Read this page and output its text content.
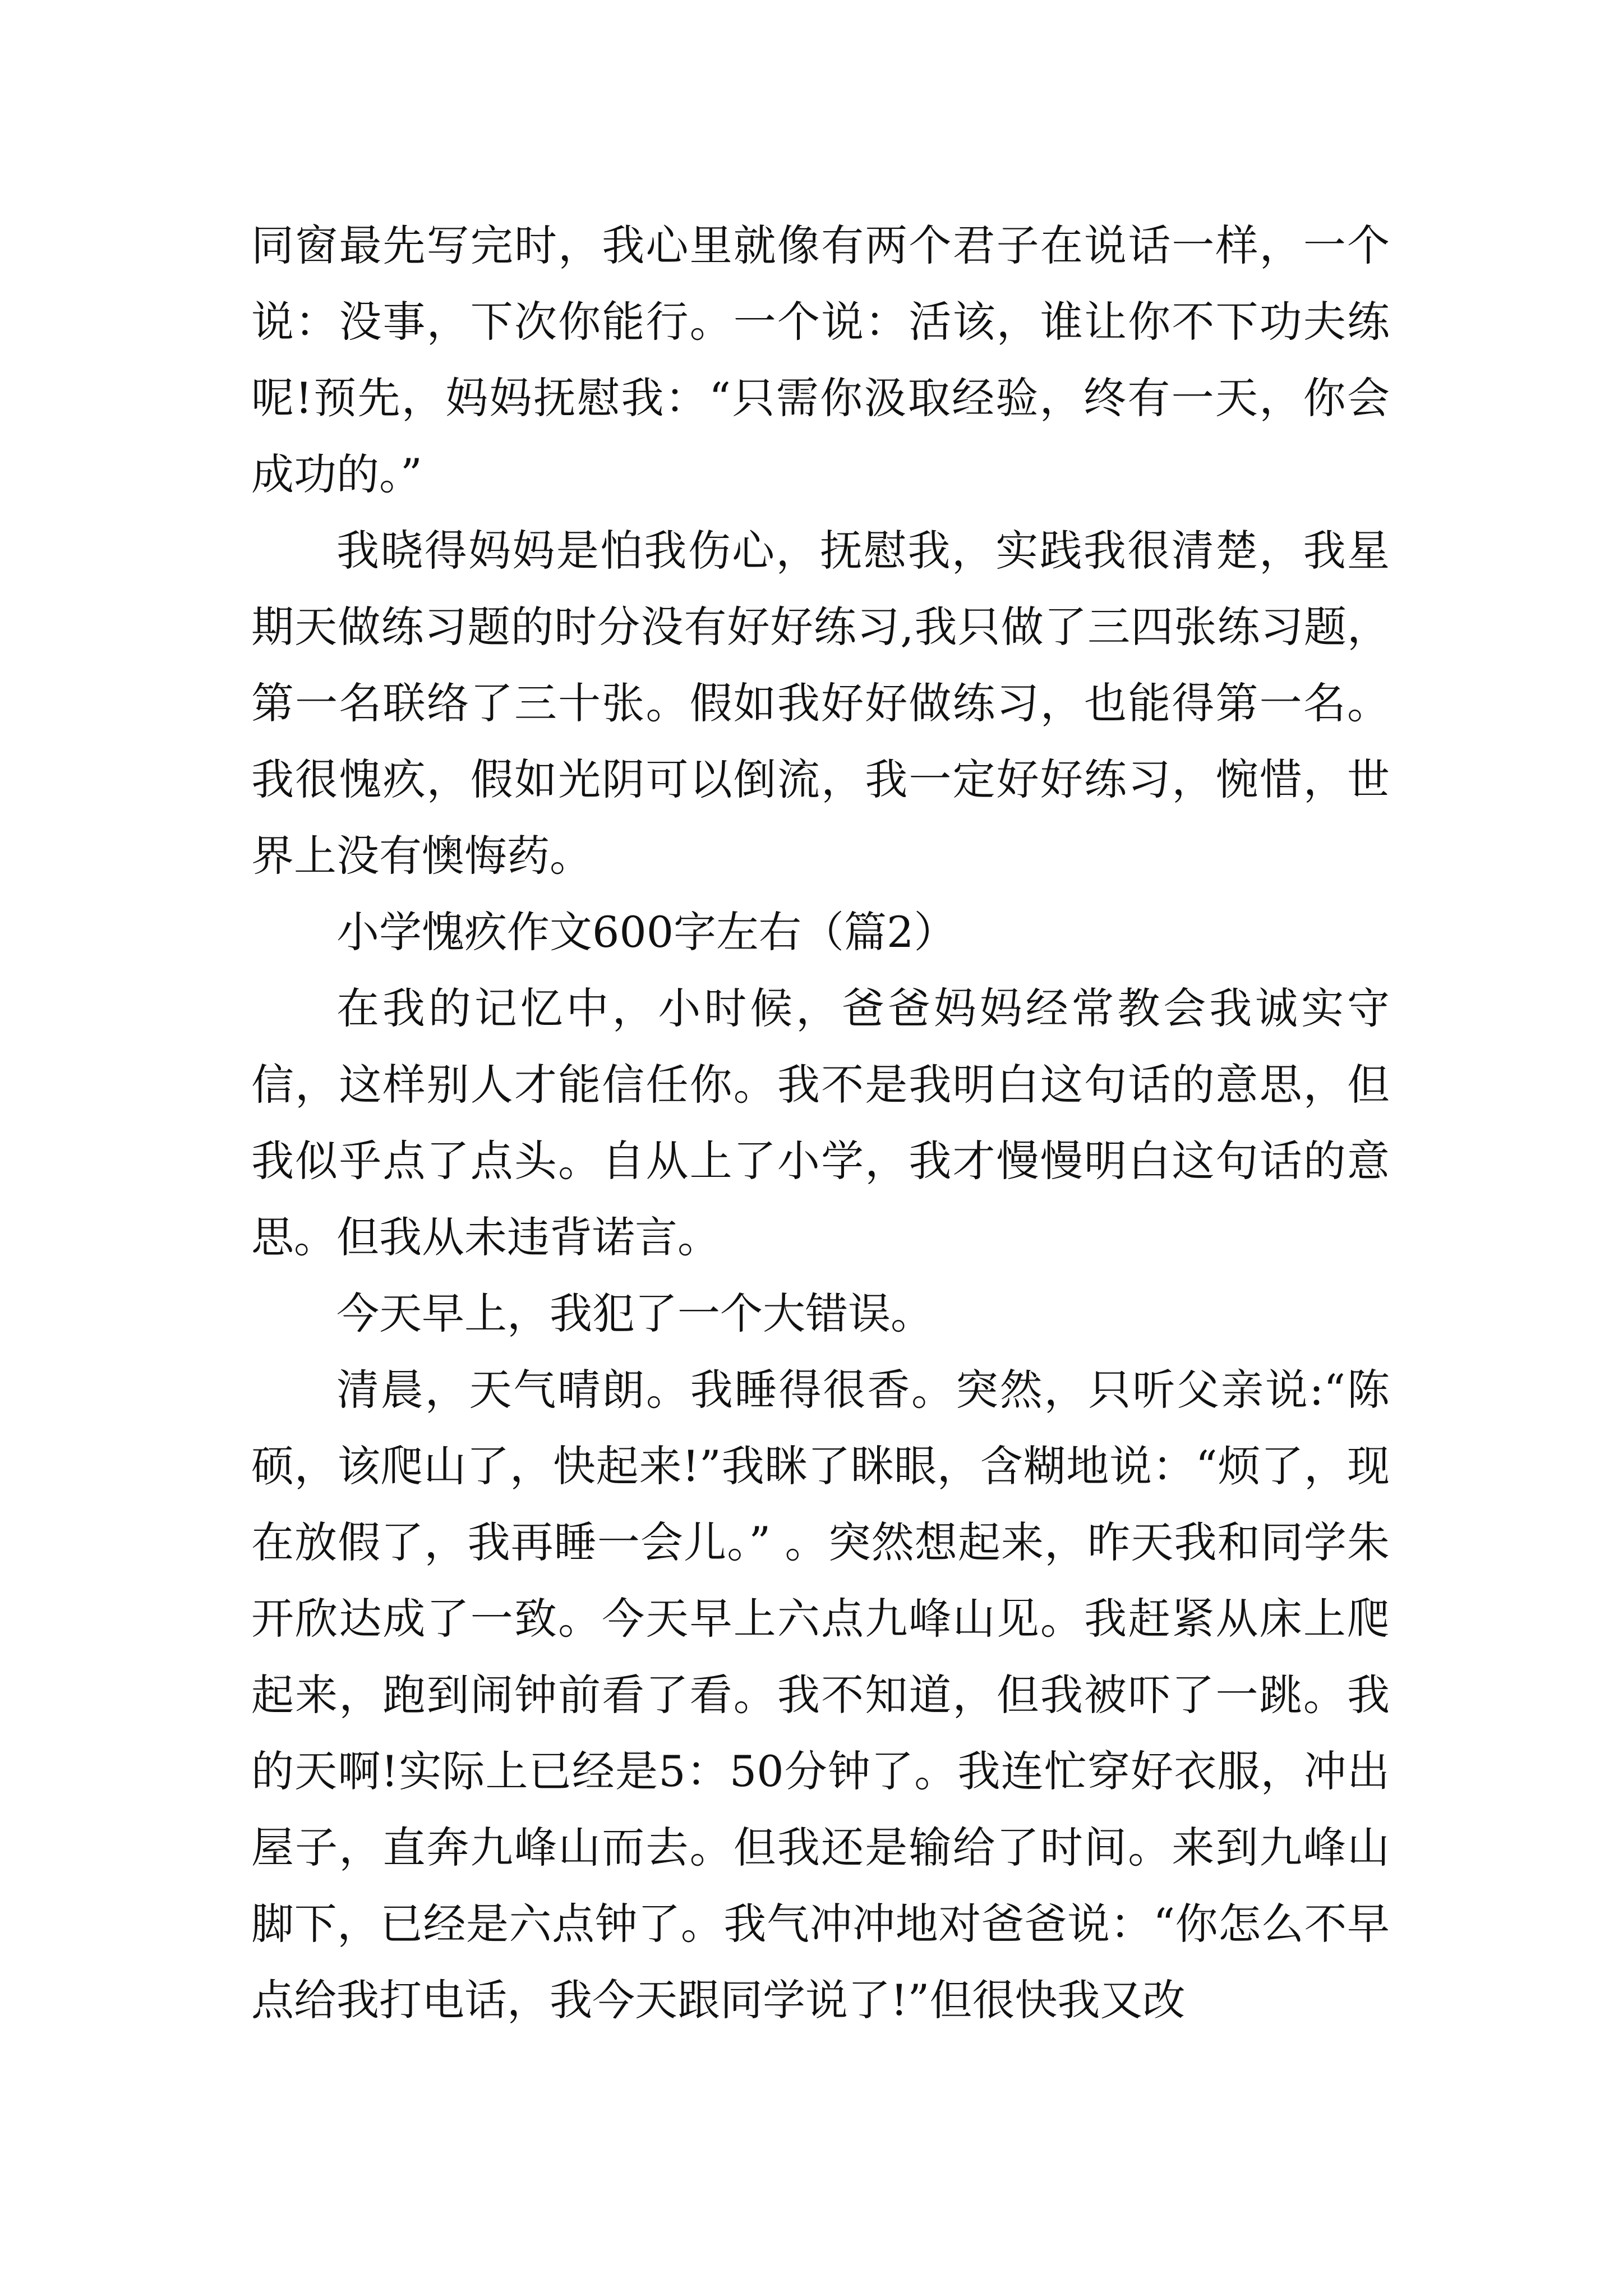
同窗最先写完时，我心里就像有两个君子在说话一样，一个说：没事，下次你能行。一个说：活该，谁让你不下功夫练呢!预先，妈妈抚慰我：“只需你汲取经验，终有一天，你会成功的。”

我晓得妈妈是怕我伤心，抚慰我，实践我很清楚，我星期天做练习题的时分没有好好练习,我只做了三四张练习题，第一名联络了三十张。假如我好好做练习，也能得第一名。我很愧疚，假如光阴可以倒流，我一定好好练习，惋惜，世界上没有懊悔药。

小学愧疚作文600字左右（篇2）

在我的记忆中，小时候，爸爸妈妈经常教会我诚实守信，这样别人才能信任你。我不是我明白这句话的意思，但我似乎点了点头。自从上了小学，我才慢慢明白这句话的意思。但我从未违背诺言。

今天早上，我犯了一个大错误。

清晨，天气晴朗。我睡得很香。突然，只听父亲说:“陈硕，该爬山了，快起来!”我眯了眯眼，含糊地说：“烦了，现在放假了，我再睡一会儿。” 。突然想起来，昨天我和同学朱开欣达成了一致。今天早上六点九峰山见。我赶紧从床上爬起来，跑到闹钟前看了看。我不知道，但我被吓了一跳。我的天啊!实际上已经是5：50分钟了。我连忙穿好衣服，冲出屋子，直奔九峰山而去。但我还是输给了时间。来到九峰山脚下，已经是六点钟了。我气冲冲地对爸爸说：“你怎么不早点给我打电话，我今天跟同学说了!”但很快我又改
